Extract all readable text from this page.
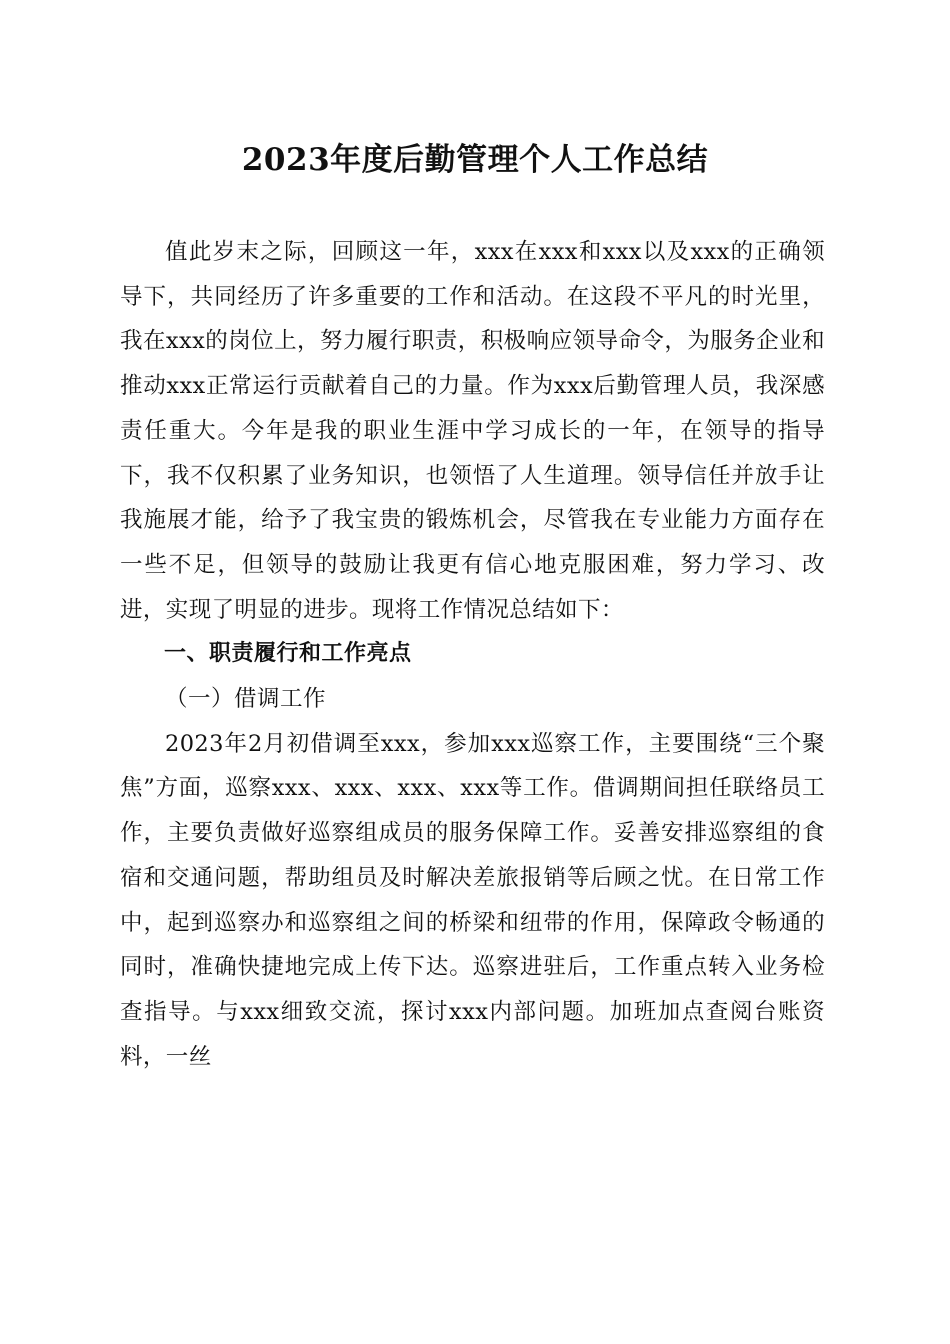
2023年度后勤管理个人工作总结

值此岁末之际，回顾这一年，xxx在xxx和xxx以及xxx的正确领导下，共同经历了许多重要的工作和活动。在这段不平凡的时光里，我在xxx的岗位上，努力履行职责，积极响应领导命令，为服务企业和推动xxx正常运行贡献着自己的力量。作为xxx后勤管理人员，我深感责任重大。今年是我的职业生涯中学习成长的一年，在领导的指导下，我不仅积累了业务知识，也领悟了人生道理。领导信任并放手让我施展才能，给予了我宝贵的锻炼机会，尽管我在专业能力方面存在一些不足，但领导的鼓励让我更有信心地克服困难，努力学习、改进，实现了明显的进步。现将工作情况总结如下：

一、职责履行和工作亮点

（一）借调工作

2023年2月初借调至xxx，参加xxx巡察工作，主要围绕“三个聚焦”方面，巡察xxx、xxx、xxx、xxx等工作。借调期间担任联络员工作，主要负责做好巡察组成员的服务保障工作。妥善安排巡察组的食宿和交通问题，帮助组员及时解决差旅报销等后顾之忧。在日常工作中，起到巡察办和巡察组之间的桥梁和纽带的作用，保障政令畅通的同时，准确快捷地完成上传下达。巡察进驻后，工作重点转入业务检查指导。与xxx细致交流，探讨xxx内部问题。加班加点查阅台账资料，一丝
